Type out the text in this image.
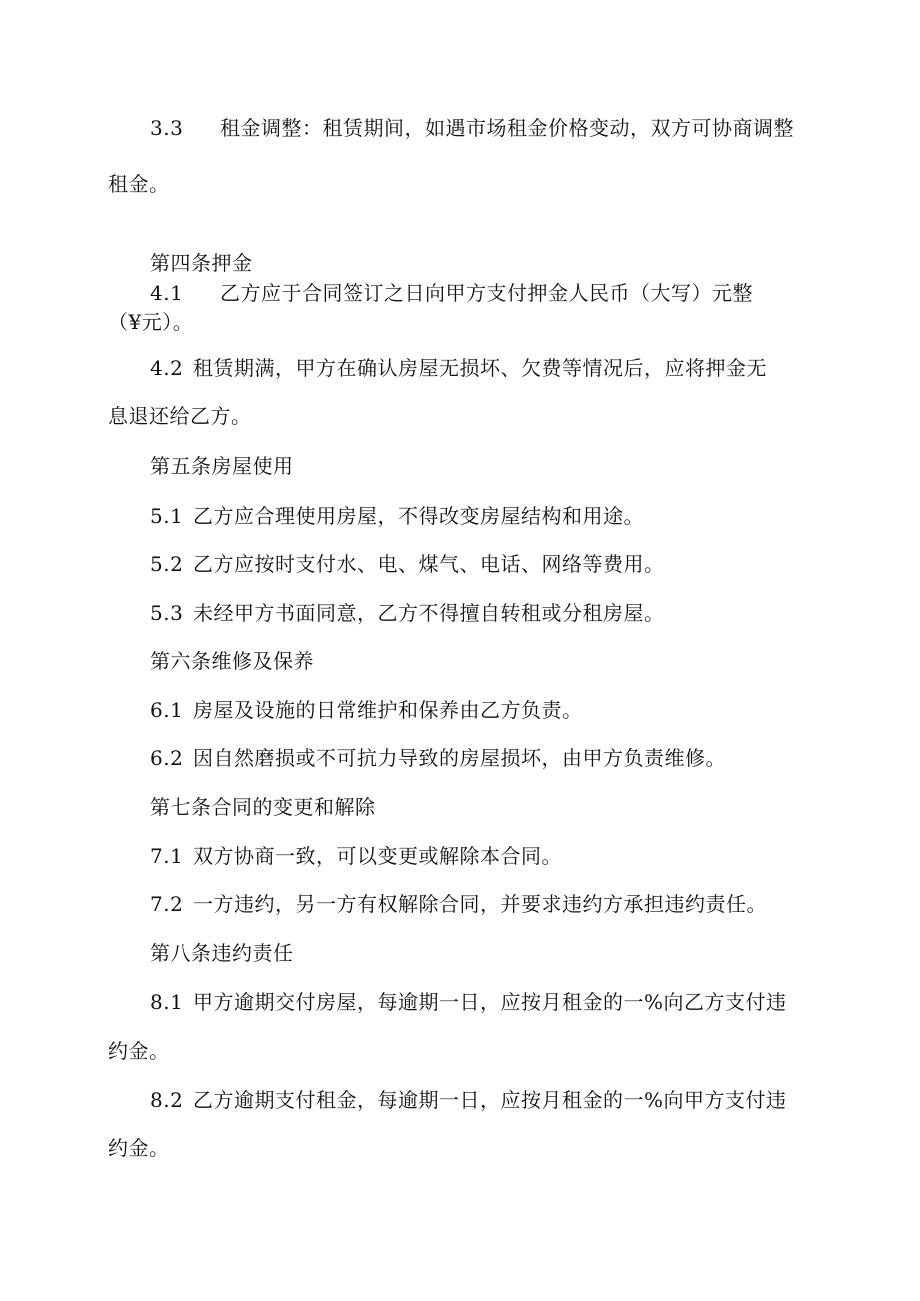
3.3 租金调整：租赁期间，如遇市场租金价格变动，双方可协商调整
租金。
第四条押金
4.1 乙方应于合同签订之日向甲方支付押金人民币（大写）元整
（¥元）。
4.2 租赁期满，甲方在确认房屋无损坏、欠费等情况后，应将押金无
息退还给乙方。
第五条房屋使用
5.1 乙方应合理使用房屋，不得改变房屋结构和用途。
5.2 乙方应按时支付水、电、煤气、电话、网络等费用。
5.3 未经甲方书面同意，乙方不得擅自转租或分租房屋。
第六条维修及保养
6.1 房屋及设施的日常维护和保养由乙方负责。
6.2 因自然磨损或不可抗力导致的房屋损坏，由甲方负责维修。
第七条合同的变更和解除
7.1 双方协商一致，可以变更或解除本合同。
7.2 一方违约，另一方有权解除合同，并要求违约方承担违约责任。
第八条违约责任
8.1 甲方逾期交付房屋，每逾期一日，应按月租金的一%向乙方支付违
约金。
8.2 乙方逾期支付租金，每逾期一日，应按月租金的一%向甲方支付违
约金。
